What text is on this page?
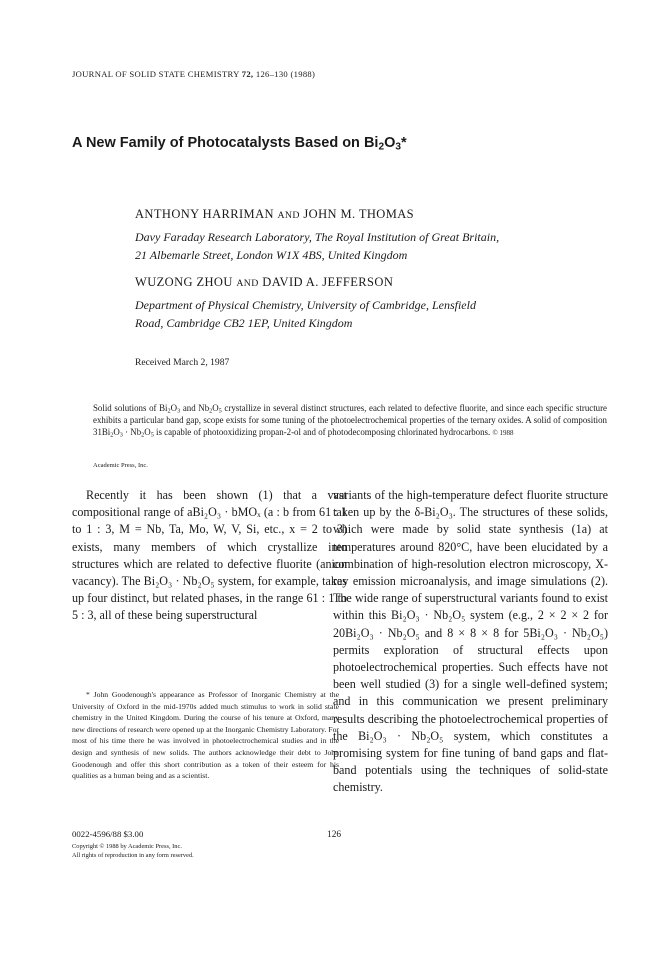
JOURNAL OF SOLID STATE CHEMISTRY 72, 126–130 (1988)
A New Family of Photocatalysts Based on $Bi_2O_3*$
ANTHONY HARRIMAN AND JOHN M. THOMAS
Davy Faraday Research Laboratory, The Royal Institution of Great Britain,
21 Albemarle Street, London W1X 4BS, United Kingdom
WUZONG ZHOU AND DAVID A. JEFFERSON
Department of Physical Chemistry, University of Cambridge, Lensfield
Road, Cambridge CB2 1EP, United Kingdom
Received March 2, 1987
Solid solutions of $Bi_2O_3$ and $Nb_2O_5$ crystallize in several distinct structures, each related to defective fluorite, and since each specific structure exhibits a particular band gap, scope exists for some tuning of the photoelectrochemical properties of the ternary oxides. A solid of composition $31Bi_2O_3 \cdot Nb_2O_5$ is capable of photooxidizing propan-2-ol and of photodecomposing chlorinated hydrocarbons. © 1988
Academic Press, Inc.
Recently it has been shown (1) that a vast compositional range of aBi₂O₃ · bMOₓ (a : b from 61 : 1 to 1 : 3, M = Nb, Ta, Mo, W, V, Si, etc., x = 2 to 3) exists, many members of which crystallize into structures which are related to defective fluorite (anion vacancy). The Bi₂O₃ · Nb₂O₅ system, for example, takes up four distinct, but related phases, in the range 61 : 1 to 5 : 3, all of these being superstructural
variants of the high-temperature defect fluorite structure taken up by the δ-Bi₂O₃. The structures of these solids, which were made by solid state synthesis (1a) at temperatures around 820°C, have been elucidated by a combination of high-resolution electron microscopy, X-ray emission microanalysis, and image simulations (2). The wide range of superstructural variants found to exist within this Bi₂O₃ · Nb₂O₅ system (e.g., 2 × 2 × 2 for 20Bi₂O₃ · Nb₂O₅ and 8 × 8 × 8 for 5Bi₂O₃ · Nb₂O₅) permits exploration of structural effects upon photoelectrochemical properties. Such effects have not been well studied (3) for a single well-defined system; and in this communication we present preliminary results describing the photoelectrochemical properties of the Bi₂O₃ · Nb₂O₅ system, which constitutes a promising system for fine tuning of band gaps and flat-band potentials using the techniques of solid-state chemistry.
* John Goodenough's appearance as Professor of Inorganic Chemistry at the University of Oxford in the mid-1970s added much stimulus to work in solid state chemistry in the United Kingdom. During the course of his tenure at Oxford, many new directions of research were opened up at the Inorganic Chemistry Laboratory. For most of his time there he was involved in photoelectrochemical studies and in the design and synthesis of new solids. The authors acknowledge their debt to John Goodenough and offer this short contribution as a token of their esteem for his qualities as a human being and as a scientist.
0022-4596/88 $3.00
Copyright © 1988 by Academic Press, Inc.
All rights of reproduction in any form reserved.
126
